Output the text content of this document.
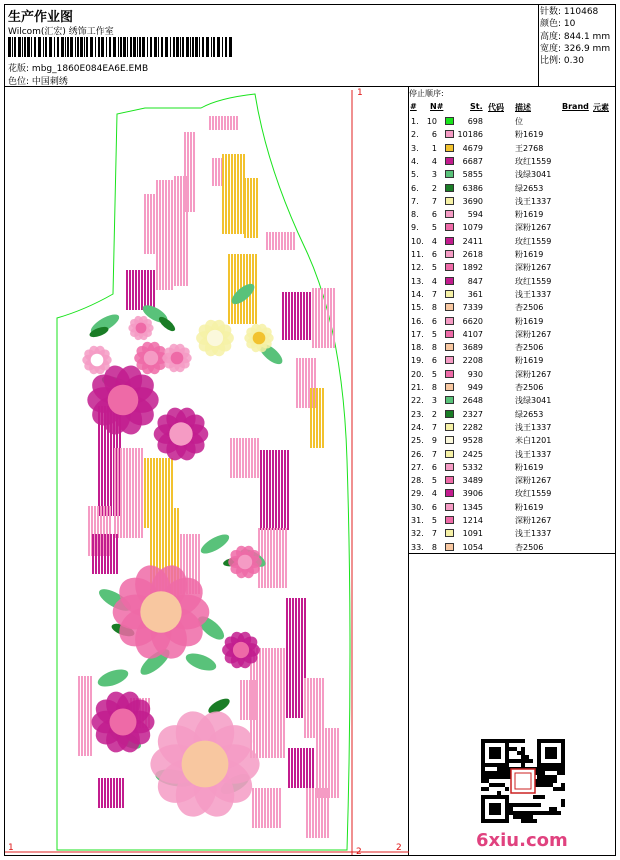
生产作业图
Wilcom(汇宏) 绣饰工作室
花版: mbg_1860E084EA6E.EMB
色位: 中国刺绣
针数: 110468
颜色: 10
高度: 844.1 mm
宽度: 326.9 mm
比例: 0.30
1
1	2	2
停止顺序:
# N#	St. 代码 描述	Brand 元素
1.	10	698	位
2.	6	10186	粉1619
3.	1	4679	王2768
4.	4	6687	玫红1559
5.	3	5855	浅绿3041
6.	2	6386	绿2653
7.	7	3690	浅王1337
8.	6	594	粉1619
9.	5	1079	深粉1267
10.	4	2411	玫红1559
11.	6	2618	粉1619
12.	5	1892	深粉1267
13.	4	847	玫红1559
14.	7	361	浅王1337
15.	8	7339	杏2506
16.	6	6620	粉1619
17.	5	4107	深粉1267
18.	8	3689	杏2506
19.	6	2208	粉1619
20.	5	930	深粉1267
21.	8	949	杏2506
22.	3	2648	浅绿3041
23.	2	2327	绿2653
24.	7	2282	浅王1337
25.	9	9528	米白1201
26.	7	2425	浅王1337
27.	6	5332	粉1619
28.	5	3489	深粉1267
29.	4	3906	玫红1559
30.	6	1345	粉1619
31.	5	1214	深粉1267
32.	7	1091	浅王1337
33.	8	1054	杏2506
6xiu.com
